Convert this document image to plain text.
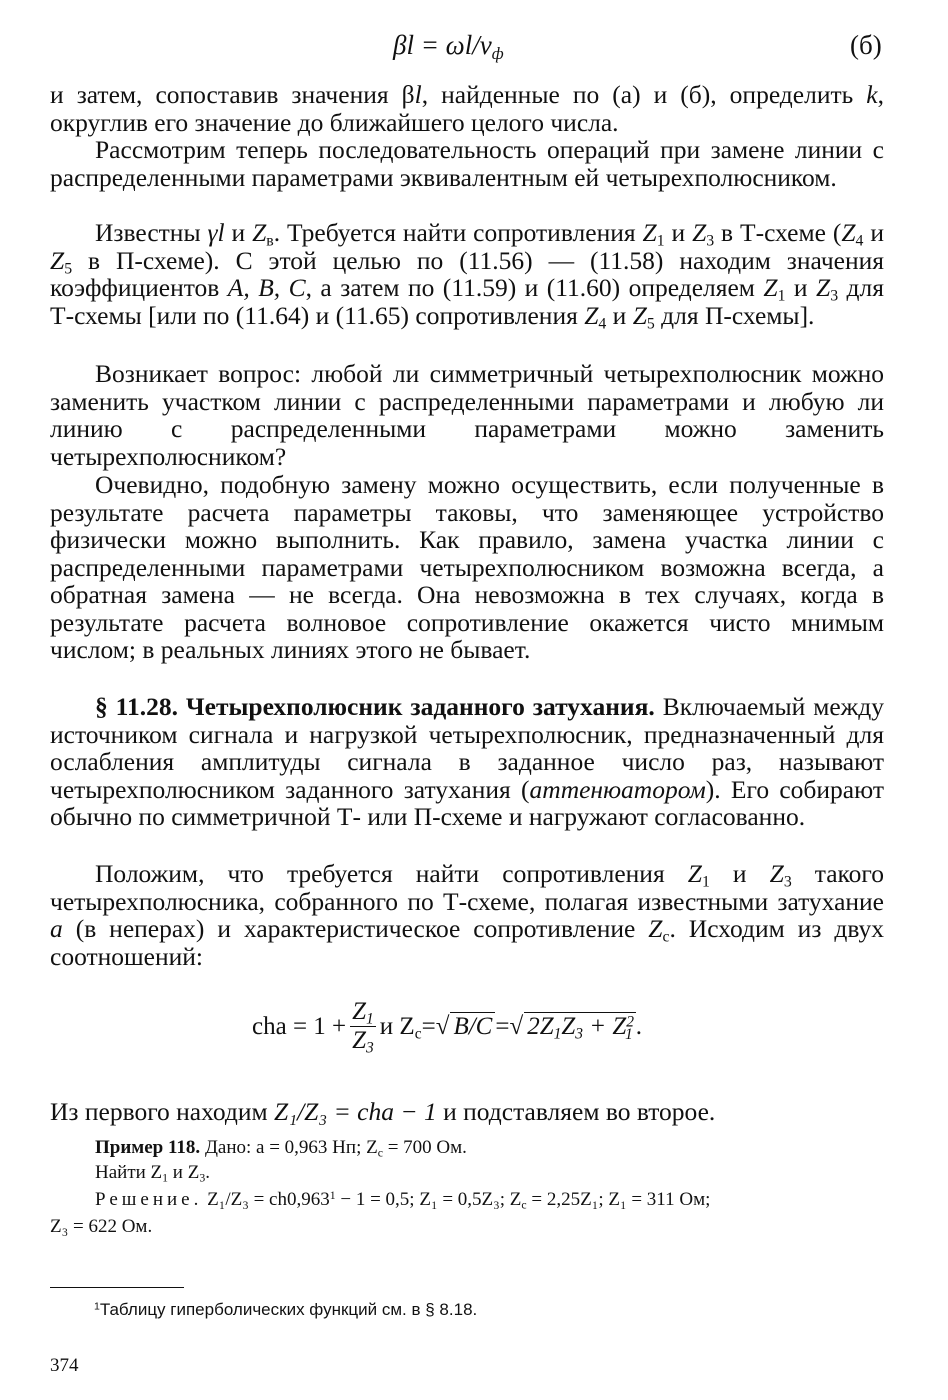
$\beta l = \omega l/v_ф$	(б)

и затем, сопоставив значения βl, найденные по (а) и (б), определить k, округлив его значение до ближайшего целого числа.

Рассмотрим теперь последовательность операций при замене линии с распределенными параметрами эквивалентным ей четырехполюсником.

Известны γl и $Z_в$. Требуется найти сопротивления $Z_1$ и $Z_3$ в Т-схеме ($Z_4$ и $Z_5$ в П-схеме). С этой целью по (11.56) — (11.58) находим значения коэффициентов A, B, C, а затем по (11.59) и (11.60) определяем $Z_1$ и $Z_3$ для Т-схемы [или по (11.64) и (11.65) сопротивления $Z_4$ и $Z_5$ для П-схемы].

Возникает вопрос: любой ли симметричный четырехполюсник можно заменить участком линии с распределенными параметрами и любую ли линию с распределенными параметрами можно заменить четырехполюсником?

Очевидно, подобную замену можно осуществить, если полученные в результате расчета параметры таковы, что заменяющее устройство физически можно выполнить. Как правило, замена участка линии с распределенными параметрами четырехполюсником возможна всегда, а обратная замена — не всегда. Она невозможна в тех случаях, когда в результате расчета волновое сопротивление окажется чисто мнимым числом; в реальных линиях этого не бывает.

§ 11.28. Четырехполюсник заданного затухания. Включаемый между источником сигнала и нагрузкой четырехполюсник, предназначенный для ослабления амплитуды сигнала в заданное число раз, называют четырехполюсником заданного затухания (аттенюатором). Его собирают обычно по симметричной Т- или П-схеме и нагружают согласованно.

Положим, что требуется найти сопротивления $Z_1$ и $Z_3$ такого четырехполюсника, собранного по Т-схеме, полагая известными затухание a (в неперах) и характеристическое сопротивление $Z_c$. Исходим из двух соотношений:

cha = $1 + \frac{Z_1}{Z_3}$ и $Z_c$ = √ B/C = √ $2Z_1Z_3 + Z^2_1$ .

Из первого находим Z₁/Z₃ = cha − 1 и подставляем во второе.

Пример 118. Дано: a = 0,963 Нп; $Z_c = 700$ Ом.
Найти $Z_1$ и $Z_3$.
Решение. $Z_1/Z_3 = ch0,963^1 - 1 = 0,5$; Z₁ = 0,5Z₃; $Z_c = 2,25Z_1$; Z₁ = 311 Ом;
Z₃ = 622 Ом.
$^1$Таблицу гиперболических функций см. в § 8.18.
374
